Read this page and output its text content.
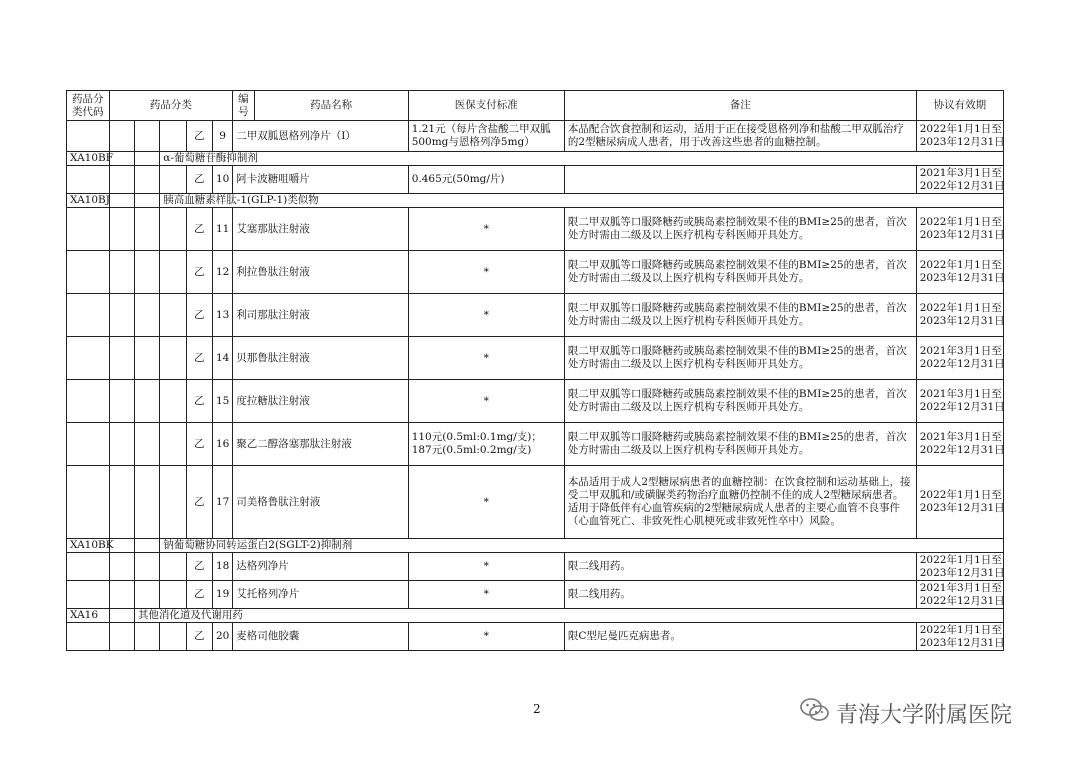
药品分类代码	药品分类					编号	药品名称	医保支付标准	备注	协议有效期
				乙	9	二甲双胍恩格列净片（Ⅰ）		1.21元（每片含盐酸二甲双胍500mg与恩格列净5mg）	本品配合饮食控制和运动，适用于正在接受恩格列净和盐酸二甲双胍治疗的2型糖尿病成人患者，用于改善这些患者的血糖控制。	2022年1月1日至
2023年12月31日
XA10BF			α-葡萄糖苷酶抑制剂							
				乙	10	阿卡波糖咀嚼片		0.465元(50mg/片)		2021年3月1日至
2022年12月31日
XA10BJ			胰高血糖素样肽-1(GLP-1)类似物							
				乙	11	艾塞那肽注射液		*	限二甲双胍等口服降糖药或胰岛素控制效果不佳的BMI≥25的患者，首次处方时需由二级及以上医疗机构专科医师开具处方。	2022年1月1日至
2023年12月31日
				乙	12	利拉鲁肽注射液		*	限二甲双胍等口服降糖药或胰岛素控制效果不佳的BMI≥25的患者，首次处方时需由二级及以上医疗机构专科医师开具处方。	2022年1月1日至
2023年12月31日
				乙	13	利司那肽注射液		*	限二甲双胍等口服降糖药或胰岛素控制效果不佳的BMI≥25的患者，首次处方时需由二级及以上医疗机构专科医师开具处方。	2022年1月1日至
2023年12月31日
				乙	14	贝那鲁肽注射液		*	限二甲双胍等口服降糖药或胰岛素控制效果不佳的BMI≥25的患者，首次处方时需由二级及以上医疗机构专科医师开具处方。	2021年3月1日至
2022年12月31日
				乙	15	度拉糖肽注射液		*	限二甲双胍等口服降糖药或胰岛素控制效果不佳的BMI≥25的患者，首次处方时需由二级及以上医疗机构专科医师开具处方。	2021年3月1日至
2022年12月31日
				乙	16	聚乙二醇洛塞那肽注射液		110元(0.5ml:0.1mg/支)；187元(0.5ml:0.2mg/支)	限二甲双胍等口服降糖药或胰岛素控制效果不佳的BMI≥25的患者，首次处方时需由二级及以上医疗机构专科医师开具处方。	2021年3月1日至
2022年12月31日
				乙	17	司美格鲁肽注射液		*	本品适用于成人2型糖尿病患者的血糖控制：在饮食控制和运动基础上，接受二甲双胍和/或磺脲类药物治疗血糖仍控制不佳的成人2型糖尿病患者。适用于降低伴有心血管疾病的2型糖尿病成人患者的主要心血管不良事件（心血管死亡、非致死性心肌梗死或非致死性卒中）风险。	2022年1月1日至
2023年12月31日
XA10BK			钠葡萄糖协同转运蛋白2(SGLT-2)抑制剂							
				乙	18	达格列净片		*	限二线用药。	2022年1月1日至
2023年12月31日
				乙	19	艾托格列净片		*	限二线用药。	2021年3月1日至
2022年12月31日
XA16		其他消化道及代谢用药								
				乙	20	麦格司他胶囊		*	限C型尼曼匹克病患者。	2022年1月1日至
2023年12月31日
2	青海大学附属医院
